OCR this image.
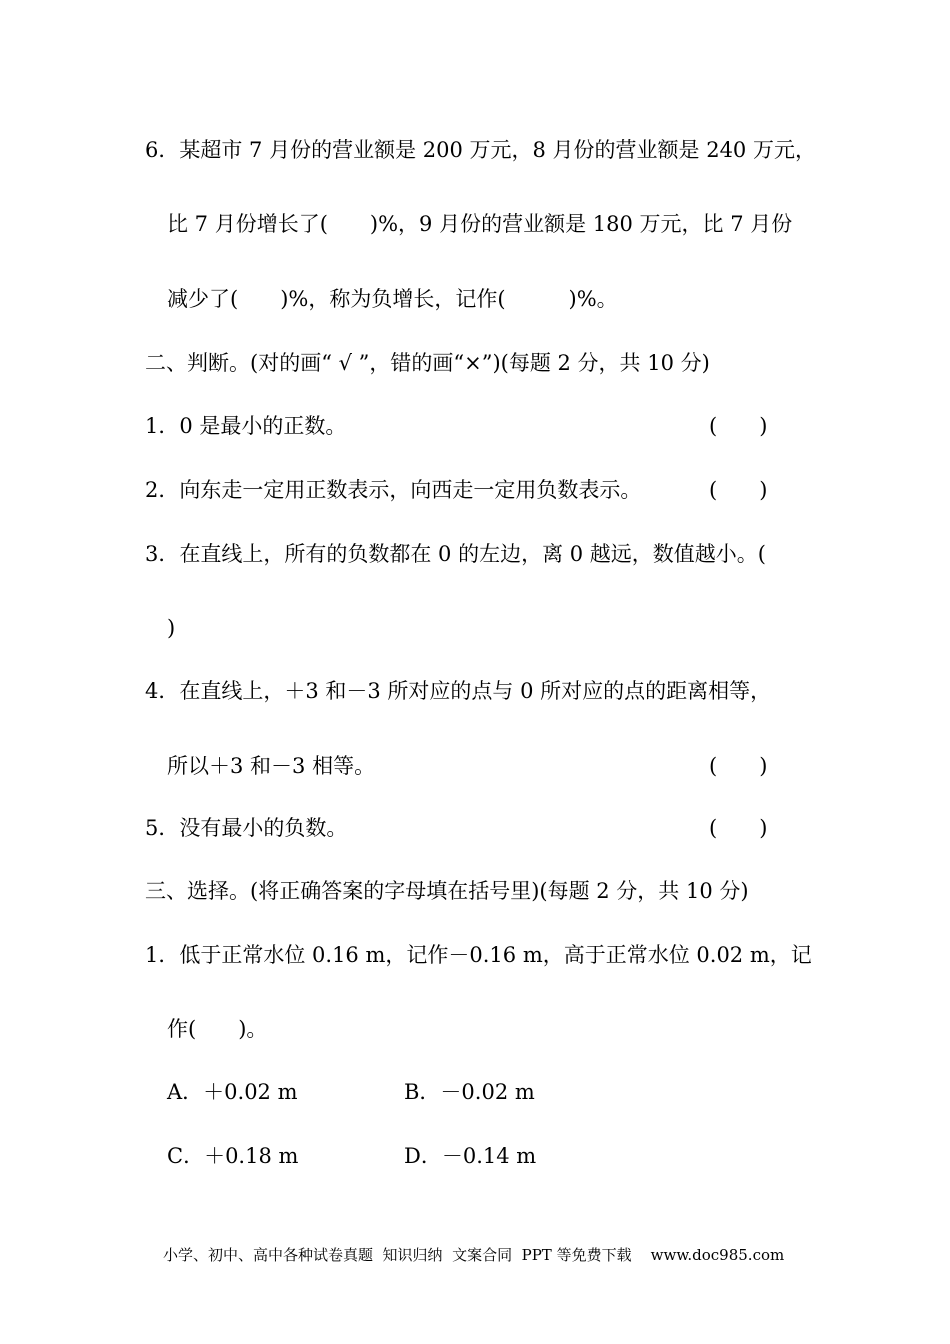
6．某超市 7 月份的营业额是 200 万元，8 月份的营业额是 240 万元，
比 7 月份增长了(　　)%，9 月份的营业额是 180 万元，比 7 月份
减少了(　　)%，称为负增长，记作(　　　)%。
二、判断。(对的画“ √ ”，错的画“×”)(每题 2 分，共 10 分)
1．0 是最小的正数。	(　　)
2．向东走一定用正数表示，向西走一定用负数表示。	(　　)
3．在直线上，所有的负数都在 0 的左边，离 0 越远，数值越小。(
)
4．在直线上，＋3 和－3 所对应的点与 0 所对应的点的距离相等，
所以＋3 和－3 相等。	(　　)
5．没有最小的负数。	(　　)
三、选择。(将正确答案的字母填在括号里)(每题 2 分，共 10 分)
1．低于正常水位 0.16 m，记作－0.16 m，高于正常水位 0.02 m，记
作(　　)。
A．＋0.02 m	B．－0.02 m
C．＋0.18 m	D．－0.14 m
小学、初中、高中各种试卷真题  知识归纳  文案合同  PPT 等免费下载    www.doc985.com
